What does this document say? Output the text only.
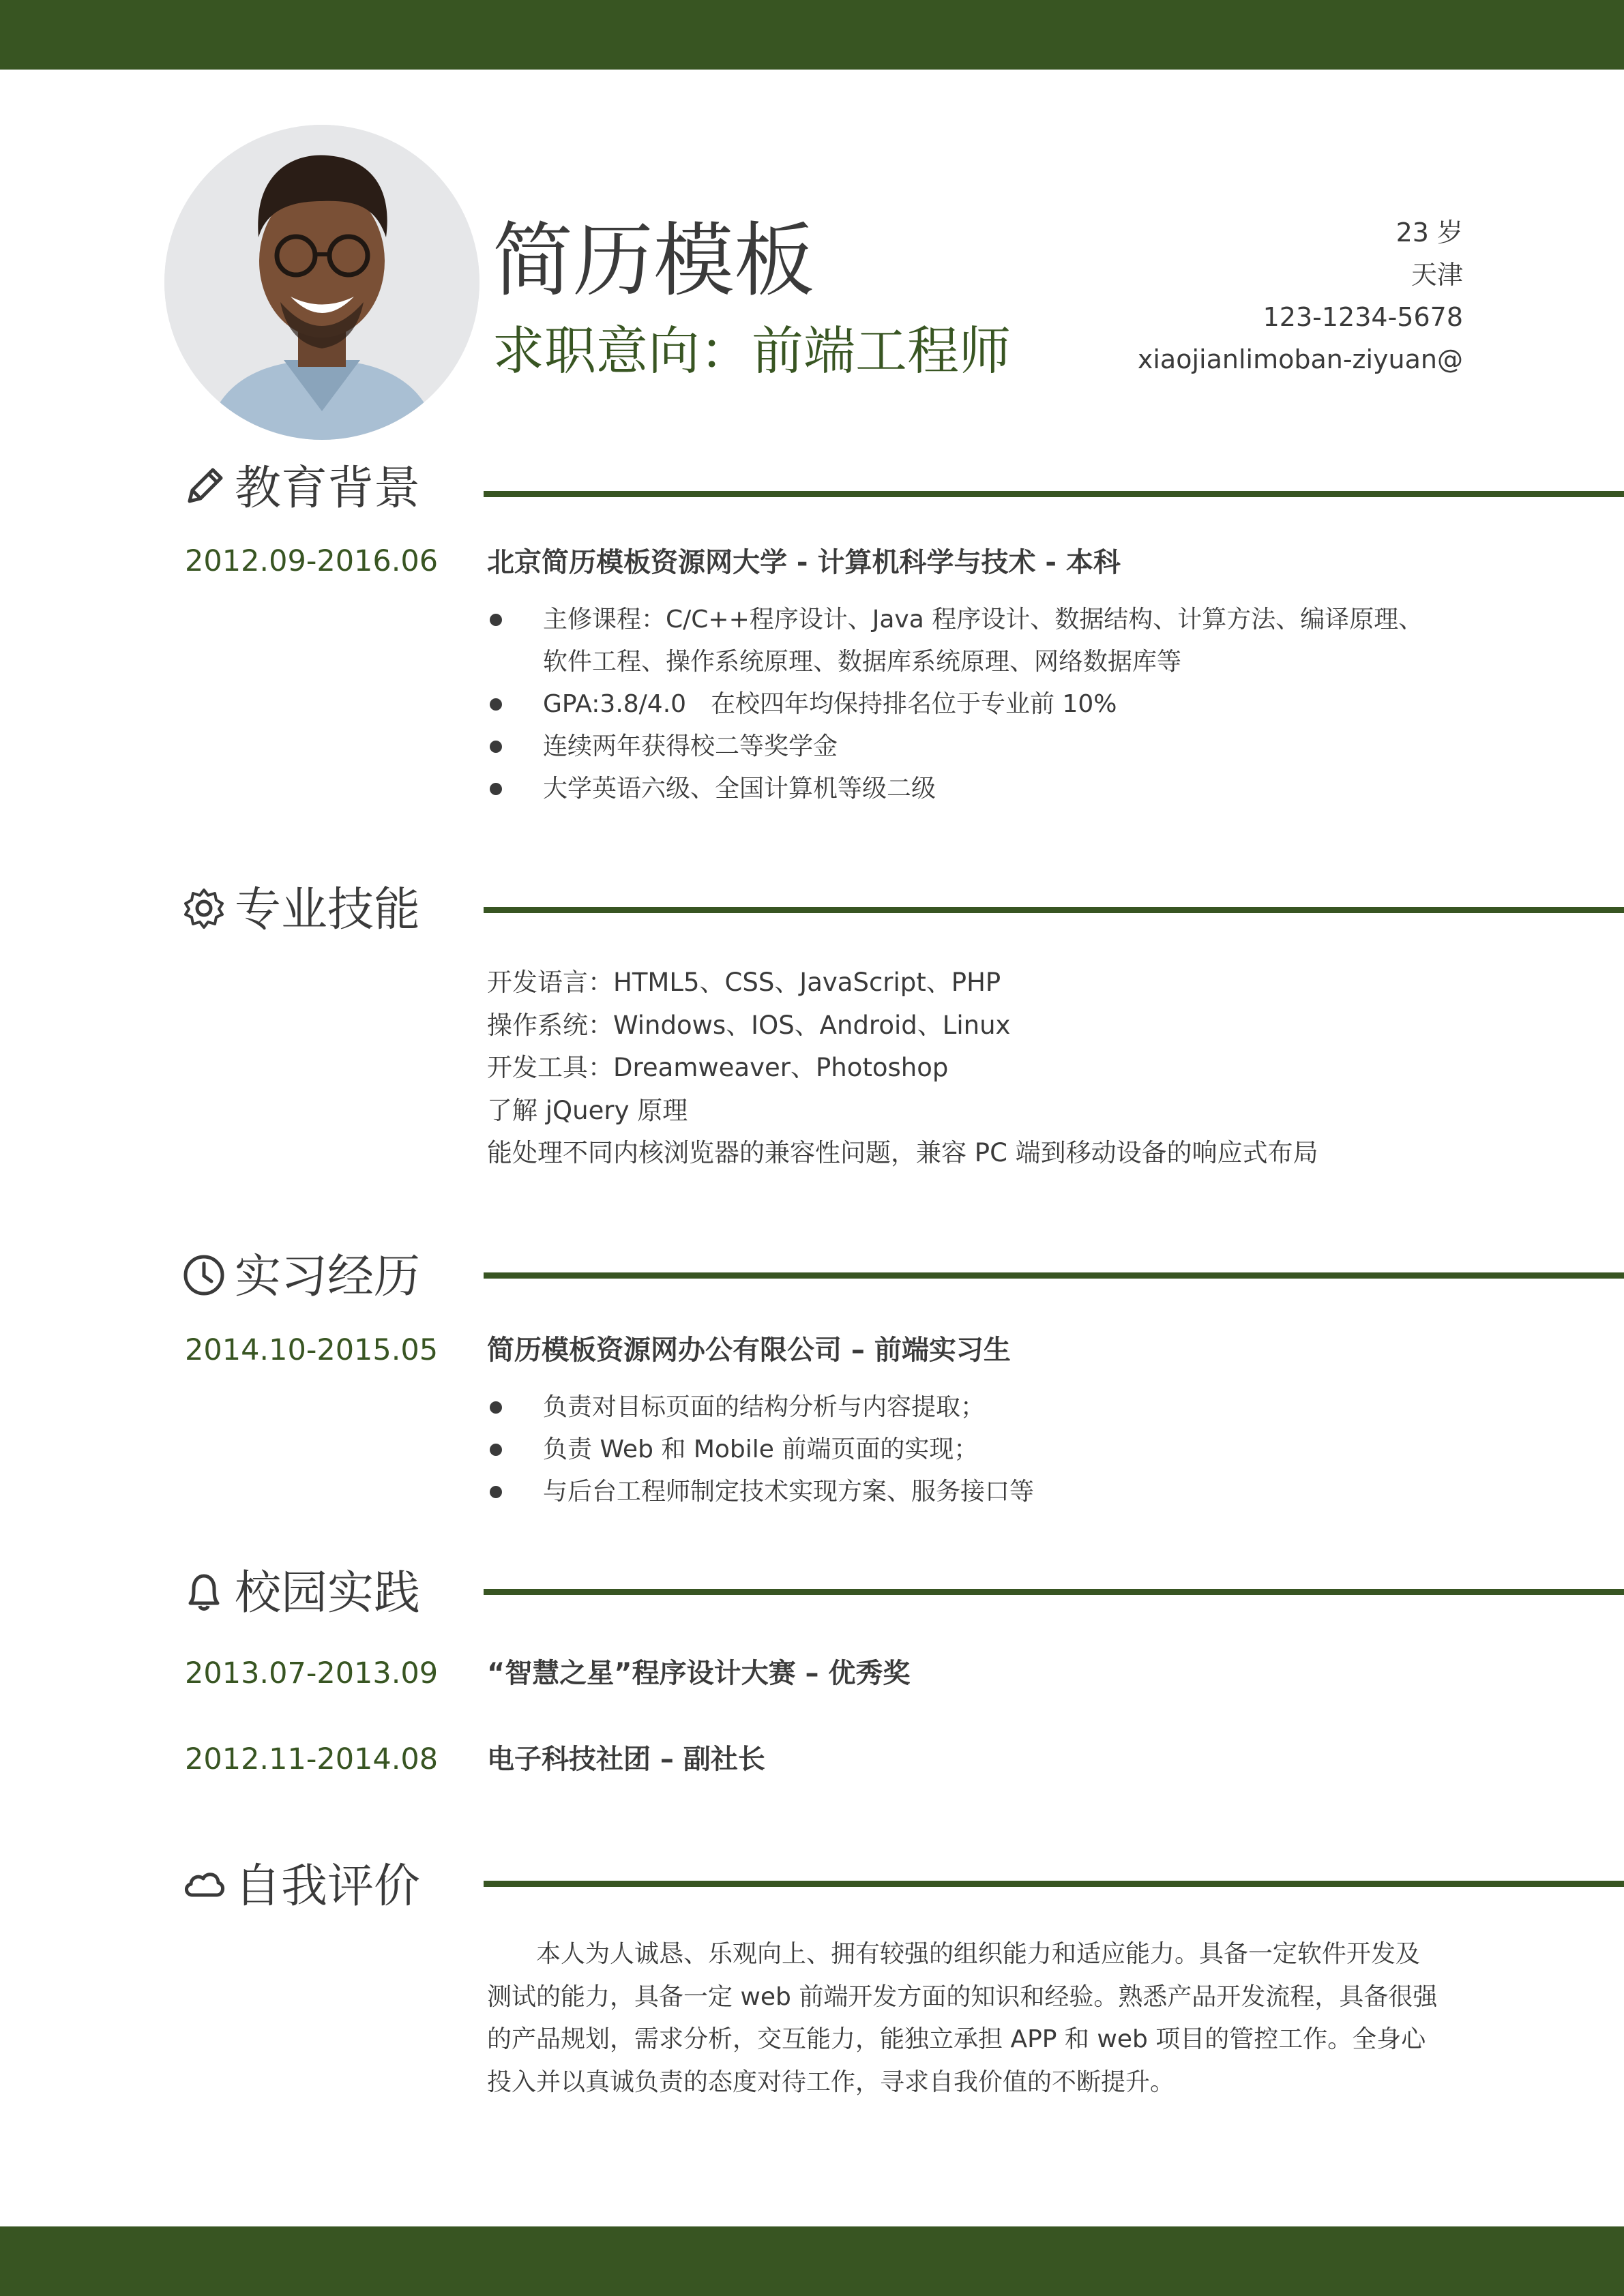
简历模板
求职意向：前端工程师
23 岁
天津
123-1234-5678
xiaojianlimoban-ziyuan@
教育背景
2012.09-2016.06 北京简历模板资源网大学 - 计算机科学与技术 - 本科
主修课程：C/C++程序设计、Java 程序设计、数据结构、计算方法、编译原理、软件工程、操作系统原理、数据库系统原理、网络数据库等
GPA:3.8/4.0　在校四年均保持排名位于专业前 10%
连续两年获得校二等奖学金
大学英语六级、全国计算机等级二级
专业技能
开发语言：HTML5、CSS、JavaScript、PHP
操作系统：Windows、IOS、Android、Linux
开发工具：Dreamweaver、Photoshop
了解 jQuery 原理
能处理不同内核浏览器的兼容性问题，兼容 PC 端到移动设备的响应式布局
实习经历
2014.10-2015.05 简历模板资源网办公有限公司 – 前端实习生
负责对目标页面的结构分析与内容提取；
负责 Web 和 Mobile 前端页面的实现；
与后台工程师制定技术实现方案、服务接口等
校园实践
2013.07-2013.09 “智慧之星”程序设计大赛 – 优秀奖
2012.11-2014.08 电子科技社团 – 副社长
自我评价

本人为人诚恳、乐观向上、拥有较强的组织能力和适应能力。具备一定软件开发及测试的能力，具备一定 web 前端开发方面的知识和经验。熟悉产品开发流程，具备很强的产品规划，需求分析，交互能力，能独立承担 APP 和 web 项目的管控工作。全身心投入并以真诚负责的态度对待工作，寻求自我价值的不断提升。
